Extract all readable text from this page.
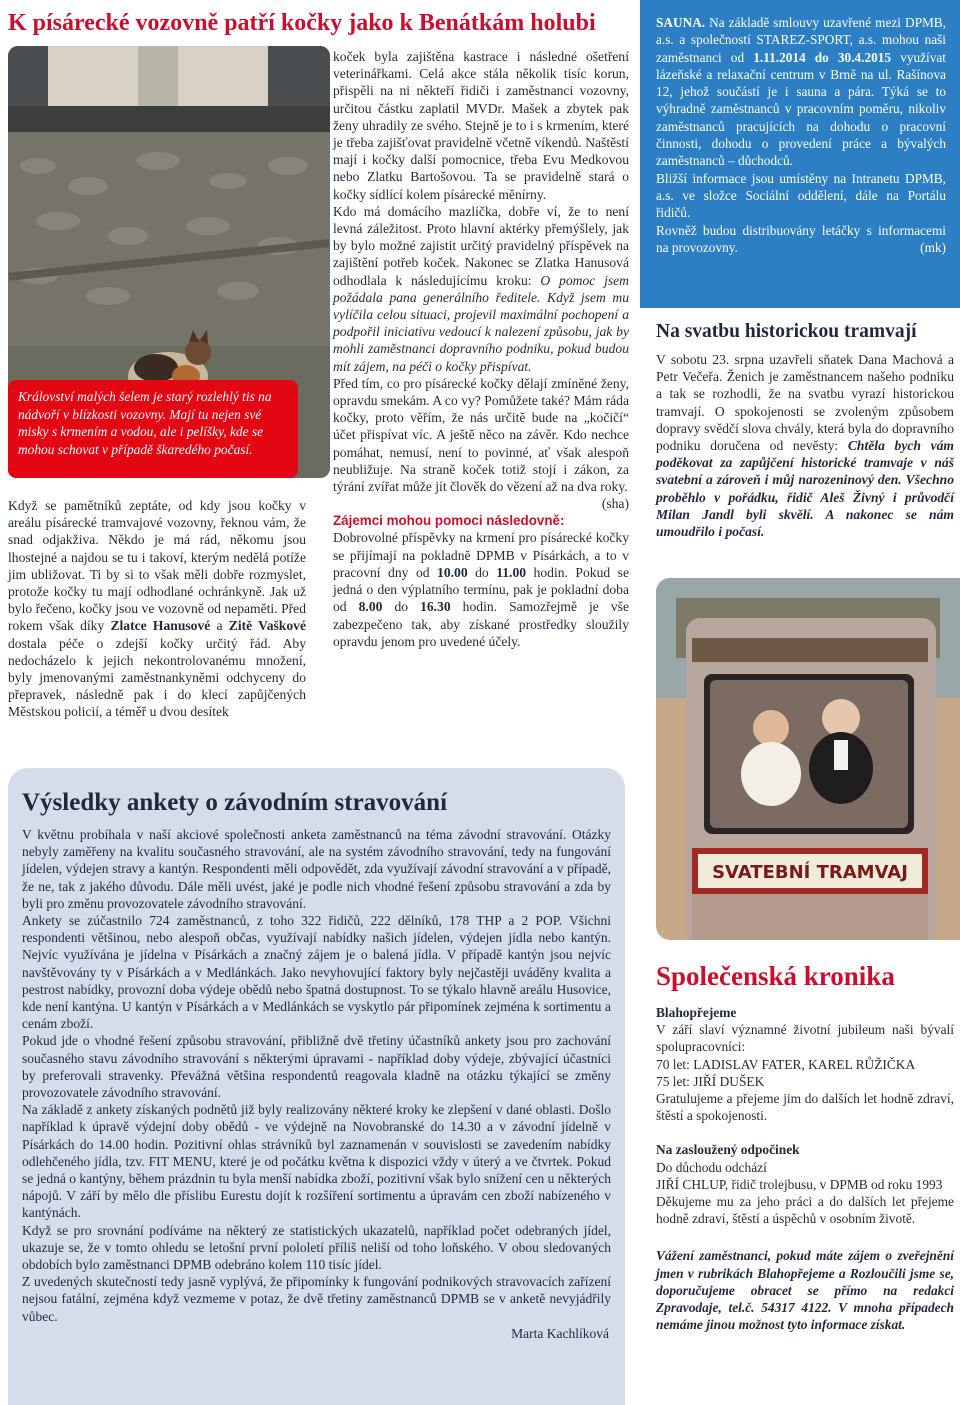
K písárecké vozovně patří kočky jako k Benátkám holubi

Království malých šelem je starý rozlehlý tis na nádvoří v blízkosti vozovny. Mají tu nejen své misky s krmením a vodou, ale i pelíšky, kde se mohou schovat v případě škaredého počasí.

Když se pamětníků zeptáte, od kdy jsou kočky v areálu písárecké tramvajové vozovny, řeknou vám, že snad odjakživa. Někdo je má rád, někomu jsou lhostejné a najdou se tu i takoví, kterým nedělá potíže jim ubližovat. Ti by si to však měli dobře rozmyslet, protože kočky tu mají odhodlané ochránkyně. Jak už bylo řečeno, kočky jsou ve vozovně od nepaměti. Před rokem však díky Zlatce Hanusové a Zitě Vaškové dostala péče o zdejší kočky určitý řád. Aby nedocházelo k jejich nekontrolovanému množení, byly jmenovanými zaměstnankyněmi odchyceny do přepravek, následně pak i do klecí zapůjčených Městskou policií, a téměř u dvou desítek

koček byla zajištěna kastrace i následné ošetření veterinářkami. Celá akce stála několik tisíc korun, přispěli na ni někteří řidiči i zaměstnanci vozovny, určitou částku zaplatil MVDr. Mašek a zbytek pak ženy uhradily ze svého. Stejně je to i s krmením, které je třeba zajišťovat pravidelně včetně víkendů. Naštěstí mají i kočky další pomocnice, třeba Evu Medkovou nebo Zlatku Bartošovou. Ta se pravidelně stará o kočky sídlící kolem písárecké měnírny.

Kdo má domácího mazlíčka, dobře ví, že to není levná záležitost. Proto hlavní aktérky přemýšlely, jak by bylo možné zajistit určitý pravidelný příspěvek na zajištění potřeb koček. Nakonec se Zlatka Hanusová odhodlala k následujícímu kroku: O pomoc jsem požádala pana generálního ředitele. Když jsem mu vylíčila celou situaci, projevil maximální pochopení a podpořil iniciativu vedoucí k nalezení způsobu, jak by mohli zaměstnanci dopravního podniku, pokud budou mít zájem, na péči o kočky přispívat.

Před tím, co pro písárecké kočky dělají zmíněné ženy, opravdu smekám. A co vy? Pomůžete také? Mám ráda kočky, proto věřím, že nás určitě bude na „kočičí“ účet přispívat víc. A ještě něco na závěr. Kdo nechce pomáhat, nemusí, není to povinné, ať však alespoň neubližuje. Na straně koček totiž stojí i zákon, za týrání zvířat může jít člověk do vězení až na dva roky.
(sha)

Zájemci mohou pomoci následovně:

Dobrovolné příspěvky na krmení pro písárecké kočky se přijímají na pokladně DPMB v Písárkách, a to v pracovní dny od 10.00 do 11.00 hodin. Pokud se jedná o den výplatního termínu, pak je pokladní doba od 8.00 do 16.30 hodin. Samozřejmě je vše zabezpečeno tak, aby získané prostředky sloužily opravdu jenom pro uvedené účely.

SAUNA. Na základě smlouvy uzavřené mezi DPMB, a.s. a společností STAREZ-SPORT, a.s. mohou naši zaměstnanci od 1.11.2014 do 30.4.2015 využívat lázeňské a relaxační centrum v Brně na ul. Rašínova 12, jehož součástí je i sauna a pára. Týká se to výhradně zaměstnanců v pracovním poměru, nikoliv zaměstnanců pracujících na dohodu o pracovní činnosti, dohodu o provedení práce a bývalých zaměstnanců – důchodců.

Bližší informace jsou umístěny na Intranetu DPMB, a.s. ve složce Sociální oddělení, dále na Portálu řidičů.

Rovněž budou distribuovány letáčky s informacemi na provozovny.	(mk)

Na svatbu historickou tramvají

V sobotu 23. srpna uzavřeli sňatek Dana Machová a Petr Večeřa. Ženich je zaměstnancem našeho podniku a tak se rozhodli, že na svatbu vyrazí historickou tramvají. O spokojenosti se zvoleným způsobem dopravy svědčí slova chvály, která byla do dopravního podniku doručena od nevěsty: Chtěla bych vám poděkovat za zapůjčení historické tramvaje v náš svatební a zároveň i můj narozeninový den. Všechno proběhlo v pořádku, řidič Aleš Živný i průvodčí Milan Jandl byli skvělí. A nakonec se nám umoudřilo i počasí.

SVATEBNÍ TRAMVAJ
Výsledky ankety o závodním stravování

V květnu probíhala v naší akciové společnosti anketa zaměstnanců na téma závodní stravování. Otázky nebyly zaměřeny na kvalitu současného stravování, ale na systém závodního stravování, tedy na fungování jídelen, výdejen stravy a kantýn. Respondenti měli odpovědět, zda využívají závodní stravování a v případě, že ne, tak z jakého důvodu. Dále měli uvést, jaké je podle nich vhodné řešení způsobu stravování a zda by byli pro změnu provozovatele závodního stravování.

Ankety se zúčastnilo 724 zaměstnanců, z toho 322 řidičů, 222 dělníků, 178 THP a 2 POP. Všichni respondenti většinou, nebo alespoň občas, využívají nabídky našich jídelen, výdejen jídla nebo kantýn. Nejvíc využívána je jídelna v Písárkách a značný zájem je o balená jídla. V případě kantýn jsou nejvíc navštěvovány ty v Písárkách a v Medlánkách. Jako nevyhovující faktory byly nejčastěji uváděny kvalita a pestrost nabídky, provozní doba výdeje obědů nebo špatná dostupnost. To se týkalo hlavně areálu Husovice, kde není kantýna. U kantýn v Písárkách a v Medlánkách se vyskytlo pár připomínek zejména k sortimentu a cenám zboží.

Pokud jde o vhodné řešení způsobu stravování, přibližně dvě třetiny účastníků ankety jsou pro zachování současného stavu závodního stravování s některými úpravami - například doby výdeje, zbývající účastníci by preferovali stravenky. Převážná většina respondentů reagovala kladně na otázku týkající se změny provozovatele závodního stravování.

Na základě z ankety získaných podnětů již byly realizovány některé kroky ke zlepšení v dané oblasti. Došlo například k úpravě výdejní doby obědů - ve výdejně na Novobranské do 14.30 a v závodní jídelně v Písárkách do 14.00 hodin. Pozitivní ohlas strávníků byl zaznamenán v souvislosti se zavedením nabídky odlehčeného jídla, tzv. FIT MENU, které je od počátku května k dispozici vždy v úterý a ve čtvrtek. Pokud se jedná o kantýny, během prázdnin tu byla menší nabídka zboží, pozitivní však bylo snížení cen u některých nápojů. V září by mělo dle příslibu Eurestu dojít k rozšíření sortimentu a úpravám cen zboží nabízeného v kantýnách.

Když se pro srovnání podíváme na některý ze statistických ukazatelů, například počet odebraných jídel, ukazuje se, že v tomto ohledu se letošní první pololetí příliš neliší od toho loňského. V obou sledovaných obdobích bylo zaměstnanci DPMB odebráno kolem 110 tisíc jídel.

Z uvedených skutečností tedy jasně vyplývá, že připomínky k fungování podnikových stravovacích zařízení nejsou fatální, zejména když vezmeme v potaz, že dvě třetiny zaměstnanců DPMB se v anketě nevyjádřily vůbec.

Marta Kachlíková

Společenská kronika

Blahopřejeme

V září slaví významné životní jubileum naši bývalí spolupracovníci:

70 let: LADISLAV FATER, KAREL RŮŽIČKA

75 let: JIŘÍ DUŠEK

Gratulujeme a přejeme jim do dalších let hodně zdraví, štěstí a spokojenosti.

Na zasloužený odpočinek

Do důchodu odchází

JIŘÍ CHLUP, řidič trolejbusu, v DPMB od roku 1993

Děkujeme mu za jeho práci a do dalších let přejeme hodně zdraví, štěstí a úspěchů v osobním životě.

Vážení zaměstnanci, pokud máte zájem o zveřejnění jmen v rubrikách Blahopřejeme a Rozloučili jsme se, doporučujeme obracet se přímo na redakci Zpravodaje, tel.č. 54317 4122. V mnoha případech nemáme jinou možnost tyto informace získat.
